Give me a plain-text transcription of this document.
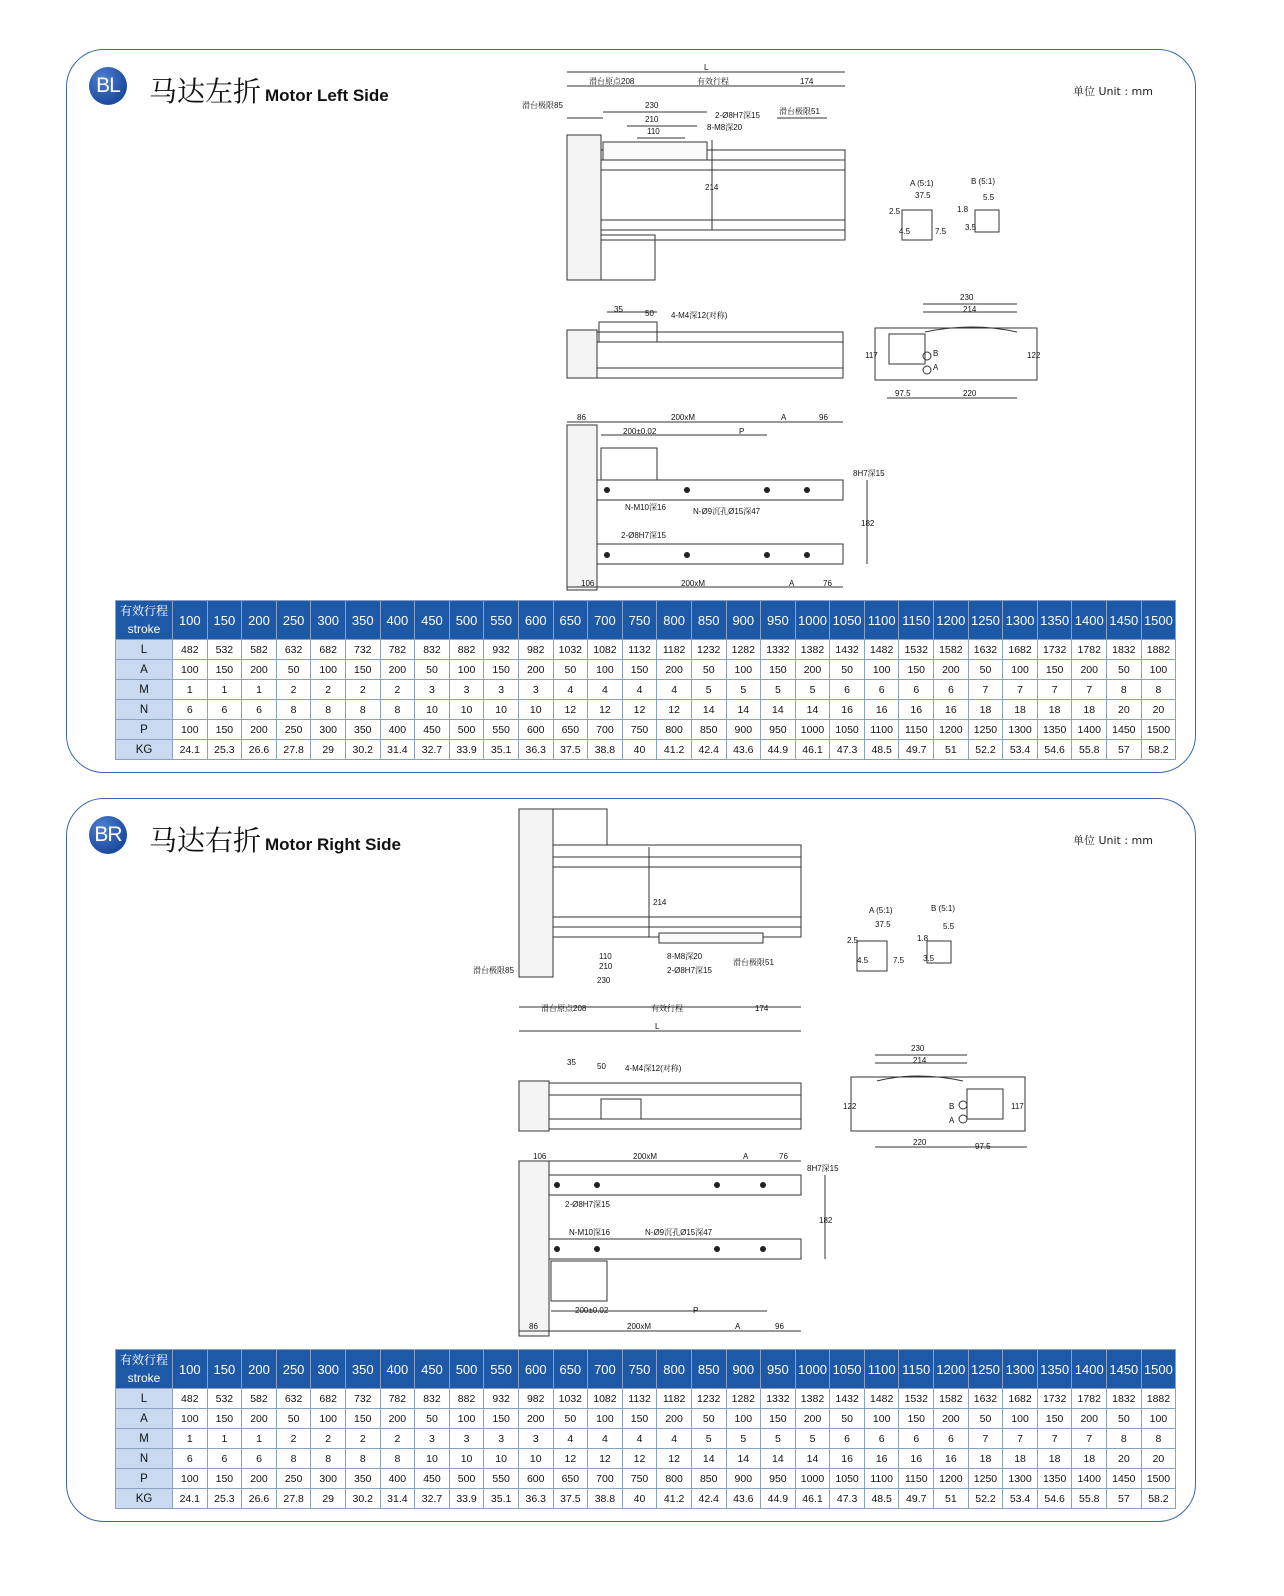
BL 马达左折 Motor Left Side	单位 Unit : mm
L
滑台原点208	有效行程	174
滑台极限85
滑台极限51
230
210
110
2-Ø8H7深15
8-M8深20
214	A (5:1)	B (5:1)
37.5
2.5
4.5	7.5
1.8
5.5
3.5
35	50 4-M4深12(对称)
230
214
117	122
97.5	220
B
A
86	200xM	A	96
200±0.02	P
8H7深15
N-M10深16	N-Ø9沉孔Ø15深47
2-Ø8H7深15
182
106	200xM	A	76
有效行程
stroke	100	150	200	250	300	350	400	450	500	550	600	650	700	750	800	850	900	950	1000	1050	1100	1150	1200	1250	1300	1350	1400	1450	1500
L	482	532	582	632	682	732	782	832	882	932	982	1032	1082	1132	1182	1232	1282	1332	1382	1432	1482	1532	1582	1632	1682	1732	1782	1832	1882
A	100	150	200	50	100	150	200	50	100	150	200	50	100	150	200	50	100	150	200	50	100	150	200	50	100	150	200	50	100
M	1	1	1	2	2	2	2	3	3	3	3	4	4	4	4	5	5	5	5	6	6	6	6	7	7	7	7	8	8
N	6	6	6	8	8	8	8	10	10	10	10	12	12	12	12	14	14	14	14	16	16	16	16	18	18	18	18	20	20
P	100	150	200	250	300	350	400	450	500	550	600	650	700	750	800	850	900	950	1000	1050	1100	1150	1200	1250	1300	1350	1400	1450	1500
KG	24.1	25.3	26.6	27.8	29	30.2	31.4	32.7	33.9	35.1	36.3	37.5	38.8	40	41.2	42.4	43.6	44.9	46.1	47.3	48.5	49.7	51	52.2	53.4	54.6	55.8	57	58.2
BR 马达右折 Motor Right Side	单位 Unit : mm
L
滑台原点208	有效行程	174
滑台极限85
滑台极限51
230
210
110
2-Ø8H7深15
8-M8深20
214
A (5:1)	B (5:1)
37.5
2.5
4.5	7.5
1.8
5.5
3.5
35	50 4-M4深12(对称)
230
214
117
122
97.5
220
B
A
86	200xM	A	96
200±0.02	P
8H7深15
N-M10深16	N-Ø9沉孔Ø15深47
2-Ø8H7深15
182
106	200xM	A	76
有效行程
stroke	100	150	200	250	300	350	400	450	500	550	600	650	700	750	800	850	900	950	1000	1050	1100	1150	1200	1250	1300	1350	1400	1450	1500
L	482	532	582	632	682	732	782	832	882	932	982	1032	1082	1132	1182	1232	1282	1332	1382	1432	1482	1532	1582	1632	1682	1732	1782	1832	1882
A	100	150	200	50	100	150	200	50	100	150	200	50	100	150	200	50	100	150	200	50	100	150	200	50	100	150	200	50	100
M	1	1	1	2	2	2	2	3	3	3	3	4	4	4	4	5	5	5	5	6	6	6	6	7	7	7	7	8	8
N	6	6	6	8	8	8	8	10	10	10	10	12	12	12	12	14	14	14	14	16	16	16	16	18	18	18	18	20	20
P	100	150	200	250	300	350	400	450	500	550	600	650	700	750	800	850	900	950	1000	1050	1100	1150	1200	1250	1300	1350	1400	1450	1500
KG	24.1	25.3	26.6	27.8	29	30.2	31.4	32.7	33.9	35.1	36.3	37.5	38.8	40	41.2	42.4	43.6	44.9	46.1	47.3	48.5	49.7	51	52.2	53.4	54.6	55.8	57	58.2
